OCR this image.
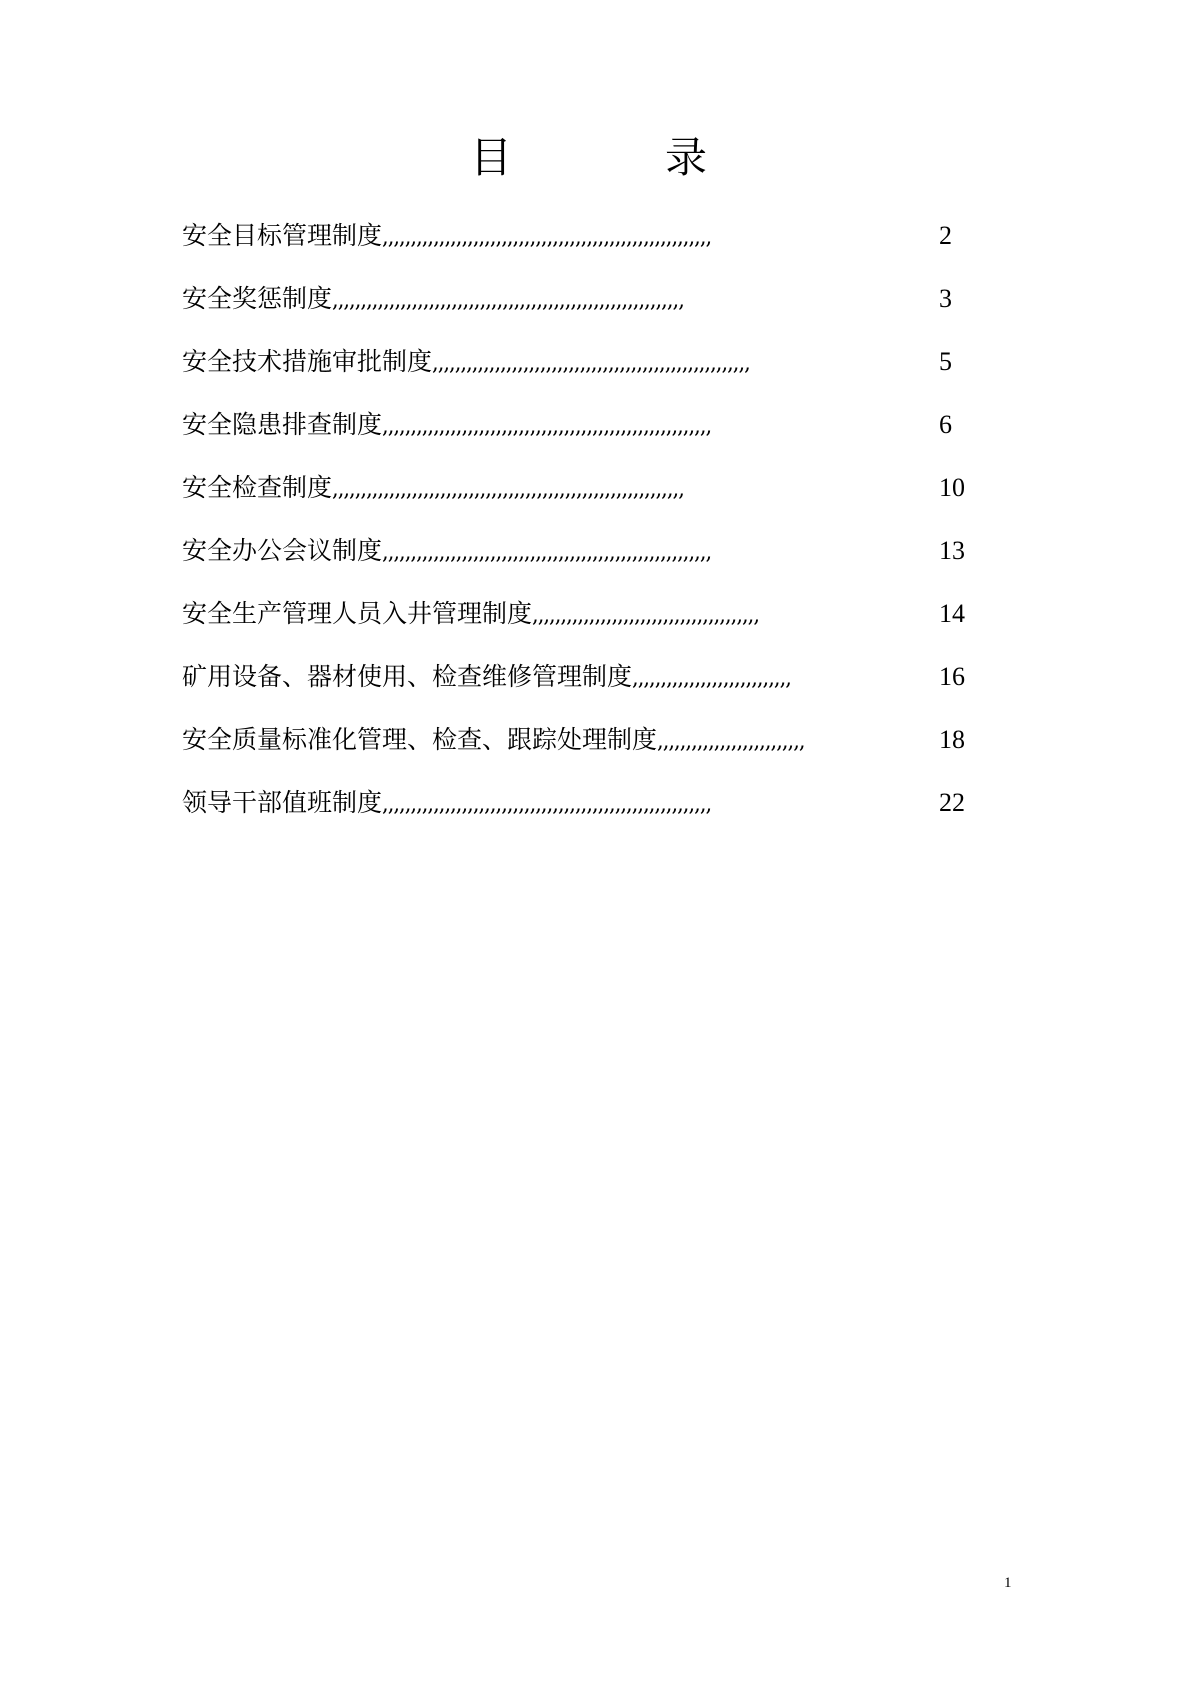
目	录
安全目标管理制度,,,,,,,,,,,,,,,,,,,,,,,,,,,,,,,,,,,,,,,,,,,,,,,,,,,,,,,,,,	2
安全奖惩制度,,,,,,,,,,,,,,,,,,,,,,,,,,,,,,,,,,,,,,,,,,,,,,,,,,,,,,,,,,,,,,	3
安全技术措施审批制度,,,,,,,,,,,,,,,,,,,,,,,,,,,,,,,,,,,,,,,,,,,,,,,,,,,,,,,,	5
安全隐患排查制度,,,,,,,,,,,,,,,,,,,,,,,,,,,,,,,,,,,,,,,,,,,,,,,,,,,,,,,,,,	6
安全检查制度,,,,,,,,,,,,,,,,,,,,,,,,,,,,,,,,,,,,,,,,,,,,,,,,,,,,,,,,,,,,,,	10
安全办公会议制度,,,,,,,,,,,,,,,,,,,,,,,,,,,,,,,,,,,,,,,,,,,,,,,,,,,,,,,,,,	13
安全生产管理人员入井管理制度,,,,,,,,,,,,,,,,,,,,,,,,,,,,,,,,,,,,,,,,	14
矿用设备、器材使用、检查维修管理制度,,,,,,,,,,,,,,,,,,,,,,,,,,,,	16
安全质量标准化管理、检查、跟踪处理制度,,,,,,,,,,,,,,,,,,,,,,,,,,	18
领导干部值班制度,,,,,,,,,,,,,,,,,,,,,,,,,,,,,,,,,,,,,,,,,,,,,,,,,,,,,,,,,,	22
1
